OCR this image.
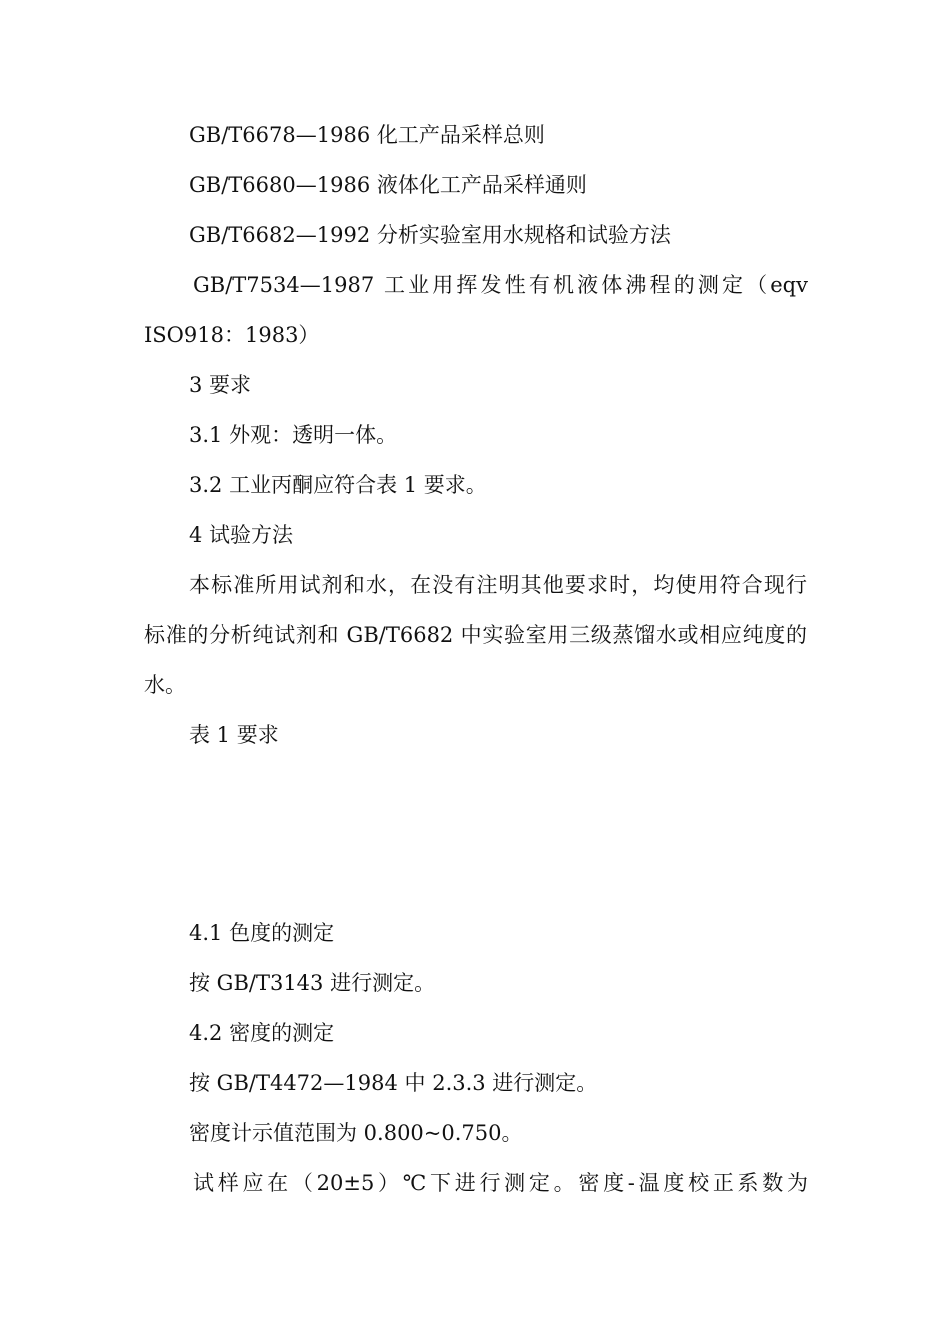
GB/T6678—1986 化工产品采样总则
GB/T6680—1986 液体化工产品采样通则
GB/T6682—1992 分析实验室用水规格和试验方法
GB/T7534—1987 工业用挥发性有机液体沸程的测定（eqv
ISO918：1983）
3 要求
3.1 外观：透明一体。
3.2 工业丙酮应符合表 1 要求。
4 试验方法
本标准所用试剂和水，在没有注明其他要求时，均使用符合现行
标准的分析纯试剂和 GB/T6682 中实验室用三级蒸馏水或相应纯度的
水。
表 1 要求
4.1 色度的测定
按 GB/T3143 进行测定。
4.2 密度的测定
按 GB/T4472—1984 中 2.3.3 进行测定。
密度计示值范围为 0.800~0.750。
试样应在（20±5）℃下进行测定。密度-温度校正系数为
